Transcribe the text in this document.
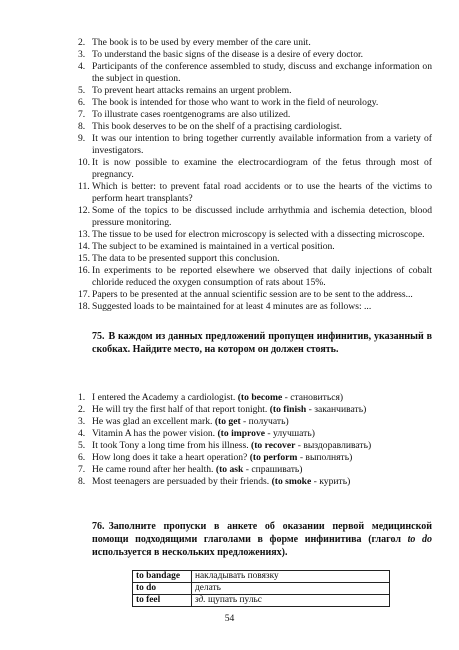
2. The book is to be used by every member of the care unit.
3. To understand the basic signs of the disease is a desire of every doctor.
4. Participants of the conference assembled to study, discuss and exchange information on the subject in question.
5. To prevent heart attacks remains an urgent problem.
6. The book is intended for those who want to work in the field of neurology.
7. To illustrate cases roentgenograms are also utilized.
8. This book deserves to be on the shelf of a practising cardiologist.
9. It was our intention to bring together currently available information from a variety of investigators.
10. It is now possible to examine the electrocardiogram of the fetus through most of pregnancy.
11. Which is better: to prevent fatal road accidents or to use the hearts of the victims to perform heart transplants?
12. Some of the topics to be discussed include arrhythmia and ischemia detection, blood pressure monitoring.
13. The tissue to be used for electron microscopy is selected with a dissecting microscope.
14. The subject to be examined is maintained in a vertical position.
15. The data to be presented support this conclusion.
16. In experiments to be reported elsewhere we observed that daily injections of cobalt chloride reduced the oxygen consumption of rats about 15%.
17. Papers to be presented at the annual scientific session are to be sent to the address...
18. Suggested loads to be maintained for at least 4 minutes are as follows: ...
75. В каждом из данных предложений пропущен инфинитив, указанный в скобках. Найдите место, на котором он должен стоять.
1. I entered the Academy a cardiologist. (to become - становиться)
2. He will try the first half of that report tonight. (to finish - заканчивать)
3. He was glad an excellent mark. (to get - получать)
4. Vitamin A has the power vision. (to improve - улучшать)
5. It took Tony a long time from his illness. (to recover - выздоравливать)
6. How long does it take a heart operation? (to perform - выполнять)
7. He came round after her health. (to ask - спрашивать)
8. Most teenagers are persuaded by their friends. (to smoke - курить)
76. Заполните пропуски в анкете об оказании первой медицинской помощи подходящими глаголами в форме инфинитива (глагол to do используется в нескольких предложениях).
to bandage	накладывать повязку
to do	делать
to feel	зд. щупать пульс
54
